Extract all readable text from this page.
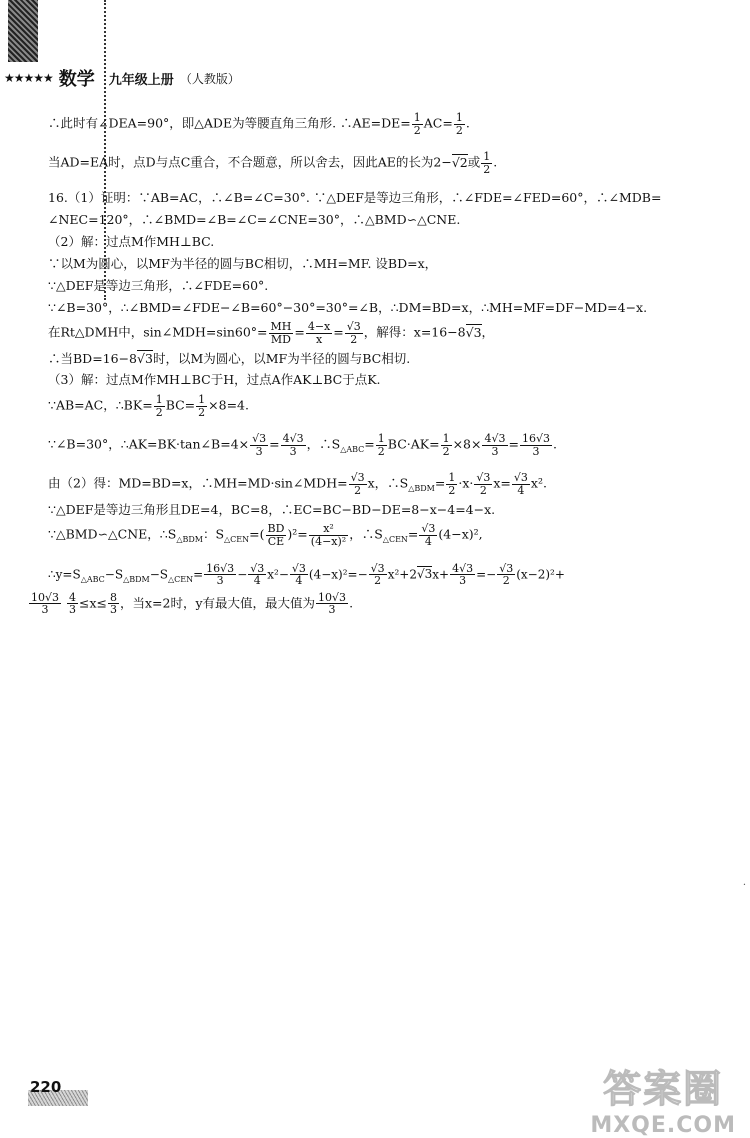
★★★★★ 数学 九年级上册 （人教版）
∴此时有∠DEA=90°，即△ADE为等腰直角三角形. ∴AE=DE= $\frac{1}{2} AC= \frac{1}{2}$ .
当AD=EA时，点D与点C重合，不合题意，所以舍去，因此AE的长为2−√2或 $\frac{1}{2}$ .
16.（1）证明：∵AB=AC，∴∠B=∠C=30°. ∵△DEF是等边三角形，∴∠FDE=∠FED=60°，∴∠MDB=
∠NEC=120°，∴∠BMD=∠B=∠C=∠CNE=30°，∴△BMD∽△CNE.
（2）解：过点M作MH⊥BC.
∵以M为圆心，以MF为半径的圆与BC相切，∴MH=MF. 设BD=x，
∵△DEF是等边三角形，∴∠FDE=60°.
∵∠B=30°，∴∠BMD=∠FDE−∠B=60°−30°=30°=∠B，∴DM=BD=x，∴MH=MF=DF−MD=4−x.
在Rt△DMH中，sin∠MDH=sin60°= $\frac{MH}{MD} = \frac{4-x}{x} = \frac{√3}{2}$ ，解得：x=16−8√3，
∴当BD=16−8√3时，以M为圆心，以MF为半径的圆与BC相切.
（3）解：过点M作MH⊥BC于H，过点A作AK⊥BC于点K.
∵AB=AC，∴BK= $\frac{1}{2} BC= \frac{1}{2} \times 8=4$.
∵∠B=30°，∴AK=BK·tan∠B=4× $\frac{√3}{3} = \frac{4√3}{3}$ ，$\therefore S_{\triangle ABC}= \frac{1}{2} BC\cdot AK= \frac{1}{2} \times 8\times \frac{4√3}{3} = \frac{16√3}{3}$ .
由（2）得：MD=BD=x，∴MH=MD·sin∠MDH= $\frac{√3}{2}$ x，$\therefore S_{\triangle BDM}= \frac{1}{2} \cdot x\cdot \frac{√3}{2} x= \frac{√3}{4} x^2$.
∵△DEF是等边三角形且DE=4，BC=8，∴EC=BC−BD−DE=8−x−4=4−x.
∵△BMD∽△CNE，$\therefore S_{\triangle BDM}$：$S_{\triangle CEN}=( \frac{BD}{CE} )^2= \frac{\text{x²}}{\text{(4−x)²}}$ ，$\therefore S_{\triangle CEN}= \frac{√3}{4} (4-x)^2$,
$\therefore y=S_{\triangle ABC}-S_{\triangle BDM}-S_{\triangle CEN}= \frac{16√3}{3} - \frac{√3}{4} x^2- \frac{√3}{4} (4-x)^2=- \frac{√3}{2} x^2+2√3x+ \frac{4√3}{3} =- \frac{√3}{2} (x-2)^2+$
$\frac{10√3}{3}$
$\frac{4}{3} \le x\le \frac{8}{3}$ ，当x=2时，y有最大值，最大值为 $\frac{10√3}{3}$ .
·
220	答案圈
MXQE.COM
